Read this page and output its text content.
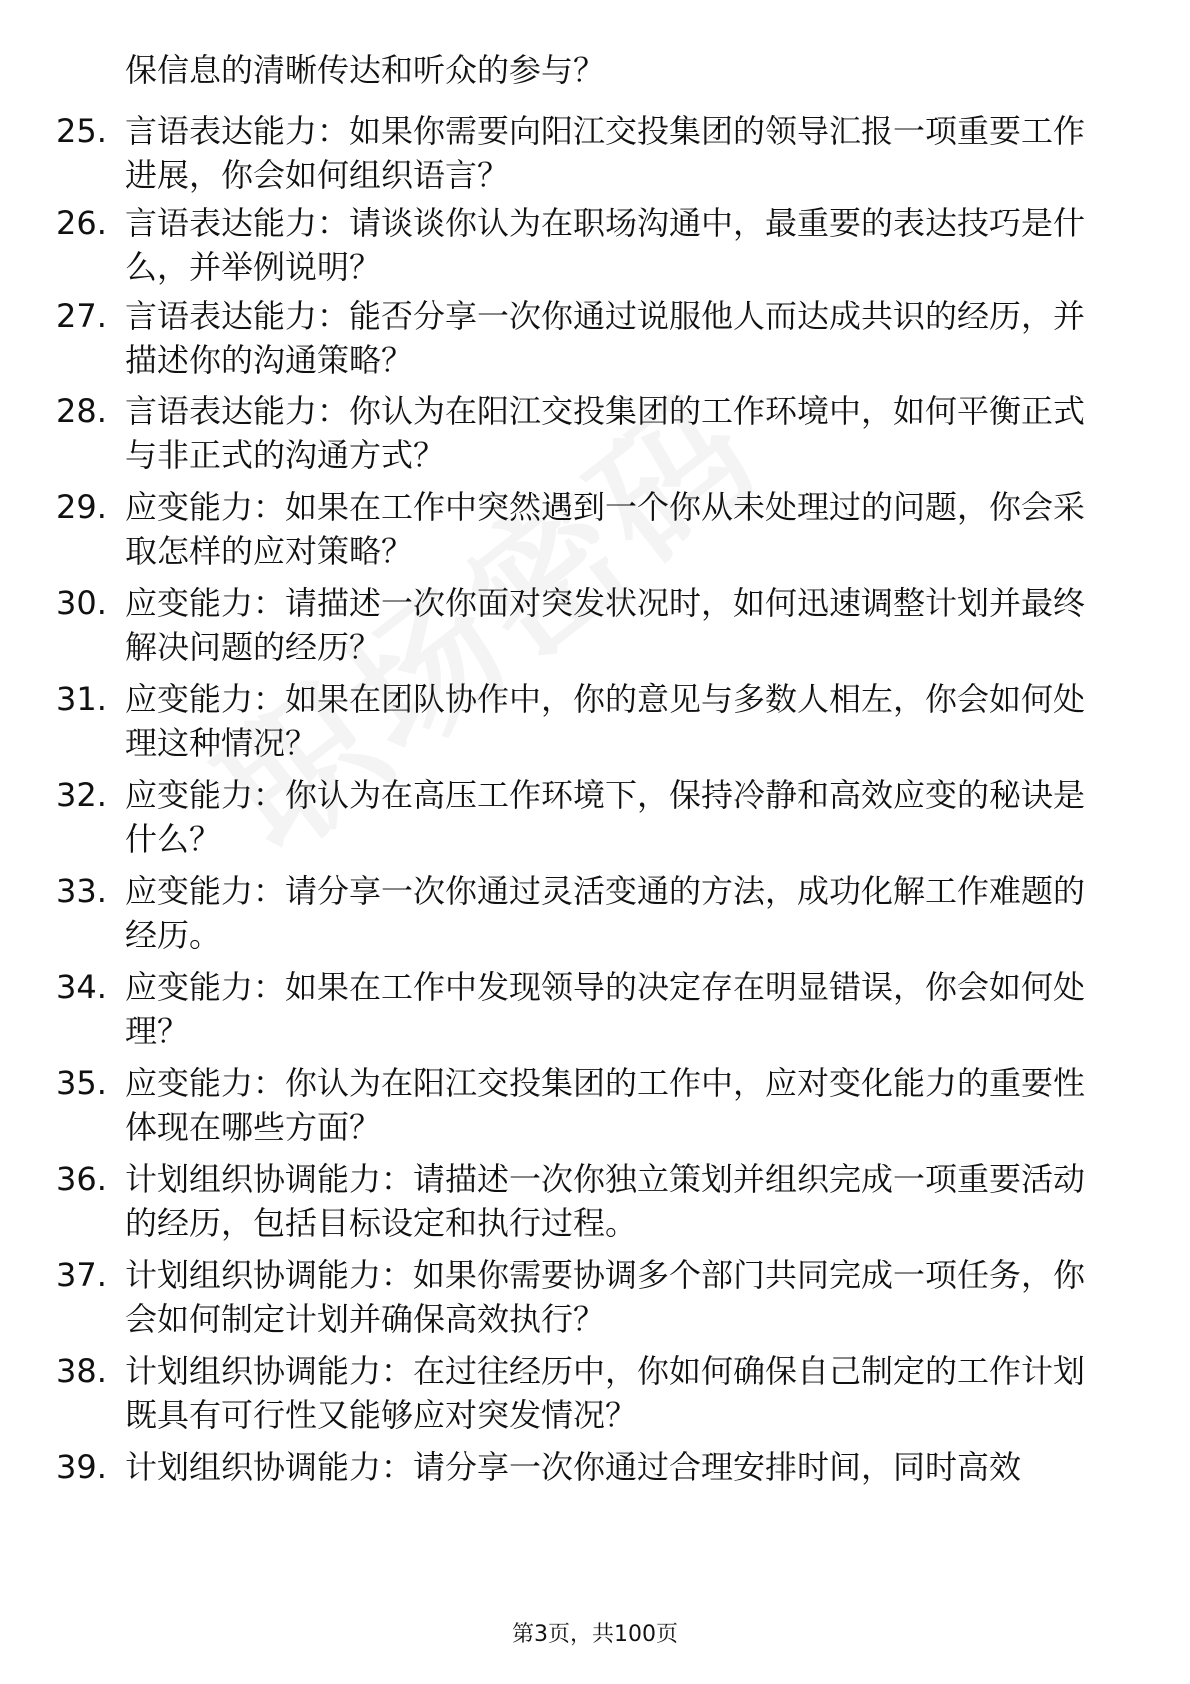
保信息的清晰传达和听众的参与？
25. 言语表达能力：如果你需要向阳江交投集团的领导汇报一项重要工作进展，你会如何组织语言？
26. 言语表达能力：请谈谈你认为在职场沟通中，最重要的表达技巧是什么，并举例说明？
27. 言语表达能力：能否分享一次你通过说服他人而达成共识的经历，并描述你的沟通策略？
28. 言语表达能力：你认为在阳江交投集团的工作环境中，如何平衡正式与非正式的沟通方式？
29. 应变能力：如果在工作中突然遇到一个你从未处理过的问题，你会采取怎样的应对策略？
30. 应变能力：请描述一次你面对突发状况时，如何迅速调整计划并最终解决问题的经历？
31. 应变能力：如果在团队协作中，你的意见与多数人相左，你会如何处理这种情况？
32. 应变能力：你认为在高压工作环境下，保持冷静和高效应变的秘诀是什么？
33. 应变能力：请分享一次你通过灵活变通的方法，成功化解工作难题的经历。
34. 应变能力：如果在工作中发现领导的决定存在明显错误，你会如何处理？
35. 应变能力：你认为在阳江交投集团的工作中，应对变化能力的重要性体现在哪些方面？
36. 计划组织协调能力：请描述一次你独立策划并组织完成一项重要活动的经历，包括目标设定和执行过程。
37. 计划组织协调能力：如果你需要协调多个部门共同完成一项任务，你会如何制定计划并确保高效执行？
38. 计划组织协调能力：在过往经历中，你如何确保自己制定的工作计划既具有可行性又能够应对突发情况？
39. 计划组织协调能力：请分享一次你通过合理安排时间，同时高效
第3页，共100页
